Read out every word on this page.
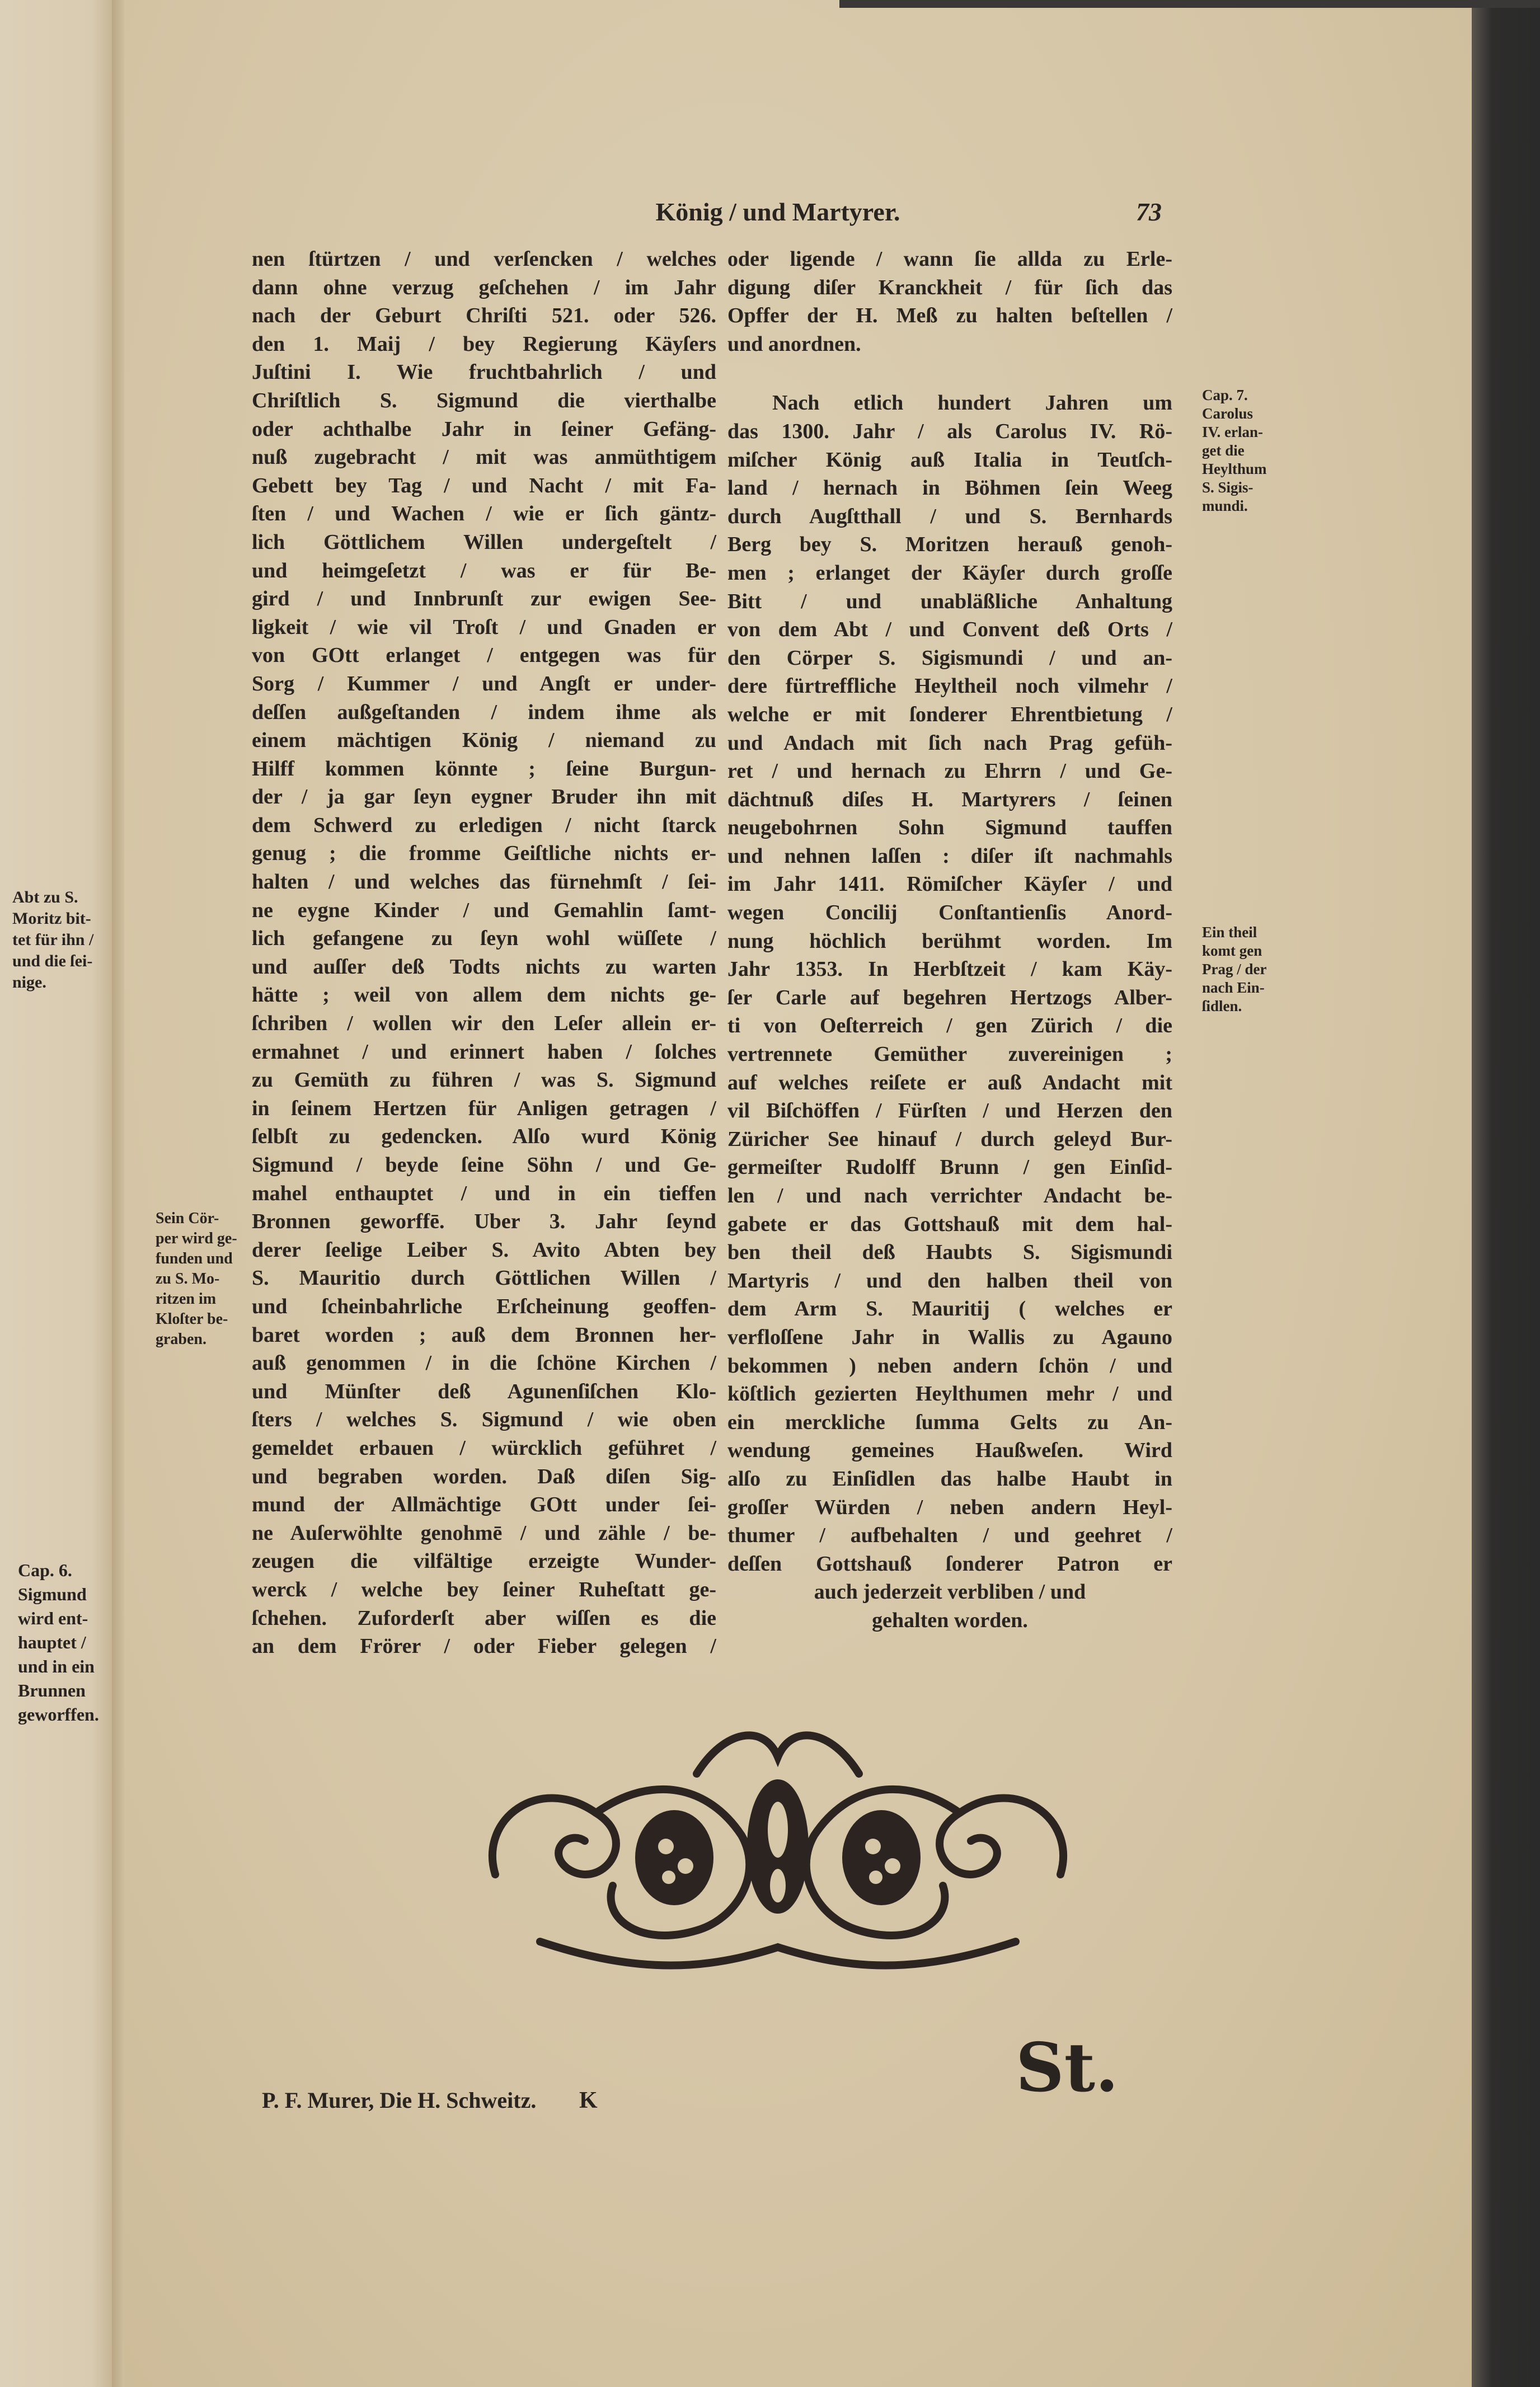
König / und Martyrer.	73
nen ſtürtzen / und verſencken / welches
dann ohne verzug geſchehen / im Jahr
nach der Geburt Chriſti 521. oder 526.
den 1. Maij / bey Regierung Käyſers
Juſtini I. Wie fruchtbahrlich / und
Chriſtlich S. Sigmund die vierthalbe
oder achthalbe Jahr in ſeiner Gefäng-
nuß zugebracht / mit was anmüthtigem
Gebett bey Tag / und Nacht / mit Fa-
ſten / und Wachen / wie er ſich gäntz-
lich Göttlichem Willen undergeſtelt /
und heimgeſetzt / was er für Be-
gird / und Innbrunſt zur ewigen See-
ligkeit / wie vil Troſt / und Gnaden er
von GOtt erlanget / entgegen was für
Sorg / Kummer / und Angſt er under-
deſſen außgeſtanden / indem ihme als
einem mächtigen König / niemand zu
Hilff kommen könnte ; ſeine Burgun-
der / ja gar ſeyn eygner Bruder ihn mit
dem Schwerd zu erledigen / nicht ſtarck
genug ; die fromme Geiſtliche nichts er-
halten / und welches das fürnehmſt / ſei-
ne eygne Kinder / und Gemahlin ſamt-
lich gefangene zu ſeyn wohl wüſſete /
und auſſer deß Todts nichts zu warten
hätte ; weil von allem dem nichts ge-
ſchriben / wollen wir den Leſer allein er-
ermahnet / und erinnert haben / ſolches
zu Gemüth zu führen / was S. Sigmund
in ſeinem Hertzen für Anligen getragen /
ſelbſt zu gedencken. Alſo wurd König
Sigmund / beyde ſeine Söhn / und Ge-
mahel enthauptet / und in ein tieffen
Bronnen geworffē. Uber 3. Jahr ſeynd
derer ſeelige Leiber S. Avito Abten bey
S. Mauritio durch Göttlichen Willen /
und ſcheinbahrliche Erſcheinung geoffen-
baret worden ; auß dem Bronnen her-
auß genommen / in die ſchöne Kirchen /
und Münſter deß Agunenſiſchen Klo-
ſters / welches S. Sigmund / wie oben
gemeldet erbauen / würcklich geführet /
und begraben worden. Daß diſen Sig-
mund der Allmächtige GOtt under ſei-
ne Auſerwöhlte genohmē / und zähle / be-
zeugen die vilfältige erzeigte Wunder-
werck / welche bey ſeiner Ruheſtatt ge-
ſchehen. Zuforderſt aber wiſſen es die
an dem Frörer / oder Fieber gelegen /
oder ligende / wann ſie allda zu Erle-
digung diſer Kranckheit / für ſich das
Opffer der H. Meß zu halten beſtellen /
und anordnen.
Nach etlich hundert Jahren um
das 1300. Jahr / als Carolus IV. Rö-
miſcher König auß Italia in Teutſch-
land / hernach in Böhmen ſein Weeg
durch Augſtthall / und S. Bernhards
Berg bey S. Moritzen herauß genoh-
men ; erlanget der Käyſer durch groſſe
Bitt / und unabläßliche Anhaltung
von dem Abt / und Convent deß Orts /
den Cörper S. Sigismundi / und an-
dere fürtreffliche Heyltheil noch vilmehr /
welche er mit ſonderer Ehrentbietung /
und Andach mit ſich nach Prag gefüh-
ret / und hernach zu Ehrrn / und Ge-
dächtnuß diſes H. Martyrers / ſeinen
neugebohrnen Sohn Sigmund tauffen
und nehnen laſſen : diſer iſt nachmahls
im Jahr 1411. Römiſcher Käyſer / und
wegen Concilij Conſtantienſis Anord-
nung höchlich berühmt worden. Im
Jahr 1353. In Herbſtzeit / kam Käy-
ſer Carle auf begehren Hertzogs Alber-
ti von Oeſterreich / gen Zürich / die
vertrennete Gemüther zuvereinigen ;
auf welches reiſete er auß Andacht mit
vil Biſchöffen / Fürſten / und Herzen den
Züricher See hinauf / durch geleyd Bur-
germeiſter Rudolff Brunn / gen Einſid-
len / und nach verrichter Andacht be-
gabete er das Gottshauß mit dem hal-
ben theil deß Haubts S. Sigismundi
Martyris / und den halben theil von
dem Arm S. Mauritij ( welches er
verfloſſene Jahr in Wallis zu Agauno
bekommen ) neben andern ſchön / und
köſtlich gezierten Heylthumen mehr / und
ein merckliche ſumma Gelts zu An-
wendung gemeines Haußweſen. Wird
alſo zu Einſidlen das halbe Haubt in
groſſer Würden / neben andern Heyl-
thumer / aufbehalten / und geehret /
deſſen Gottshauß ſonderer Patron er
auch jederzeit verbliben / und
gehalten worden.
Cap. 7.
Carolus
IV. erlan-
get die
Heylthum
S. Sigis-
mundi.
Ein theil
komt gen
Prag / der
nach Ein-
ſidlen.
Abt zu S.
Moritz bit-
tet für ihn /
und die ſei-
nige.
Sein Cör-
per wird ge-
funden und
zu S. Mo-
ritzen im
Kloſter be-
graben.
Cap. 6.
Sigmund
wird ent-
hauptet /
und in ein
Brunnen
geworffen.
P. F. Murer, Die H. Schweitz. K	St.
